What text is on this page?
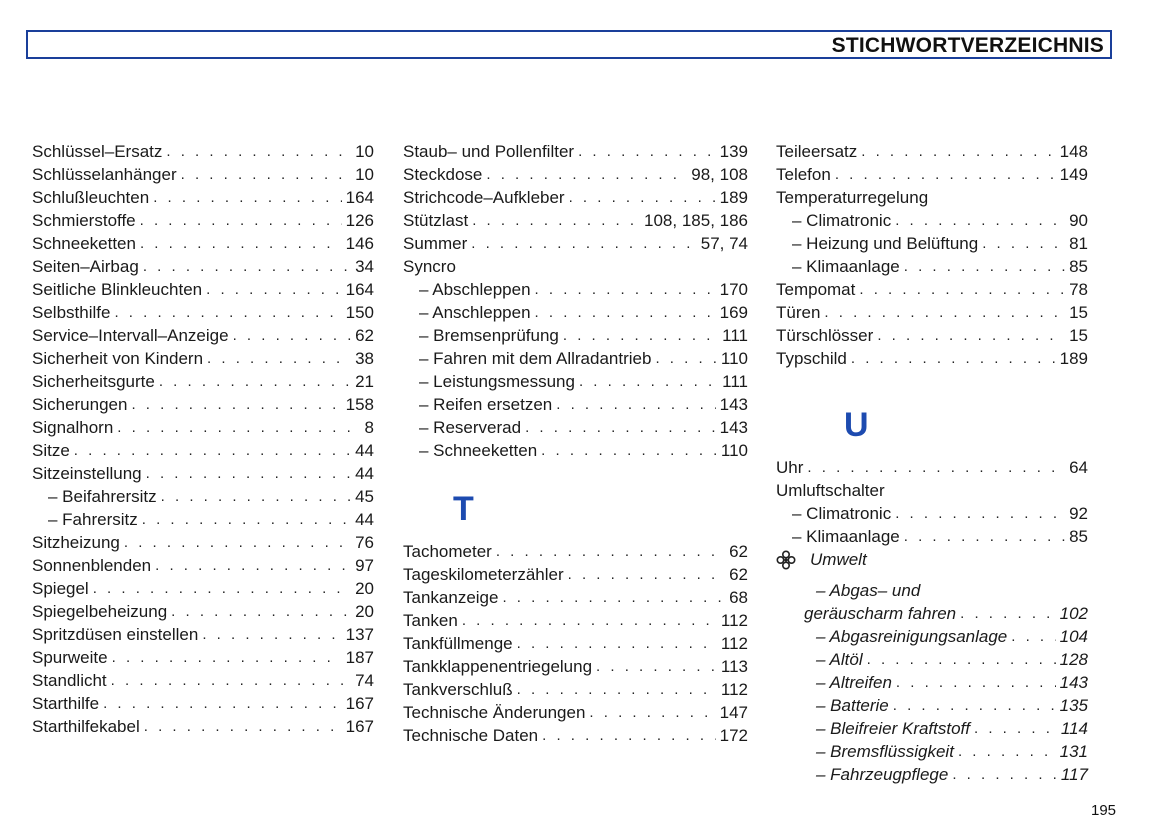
STICHWORTVERZEICHNIS
Schlüssel–Ersatz . . .	10
Schlüsselanhänger . . .	10
Schlußleuchten . . .	164
Schmierstoffe . . .	126
Schneeketten . . .	146
Seiten–Airbag . . .	34
Seitliche Blinkleuchten . . .	164
Selbsthilfe . . .	150
Service–Intervall–Anzeige . . .	62
Sicherheit von Kindern . . .	38
Sicherheitsgurte . . .	21
Sicherungen . . .	158
Signalhorn . . .	8
Sitze . . .	44
Sitzeinstellung . . .	44
– Beifahrersitz . . .	45
– Fahrersitz . . .	44
Sitzheizung . . .	76
Sonnenblenden . . .	97
Spiegel . . .	20
Spiegelbeheizung . . .	20
Spritzdüsen einstellen . . .	137
Spurweite . . .	187
Standlicht . . .	74
Starthilfe . . .	167
Starthilfekabel . . .	167
Staub– und Pollenfilter . . .	139
Steckdose . . .	98, 108
Strichcode–Aufkleber . . .	189
Stützlast . . .	108, 185, 186
Summer . . .	57, 74
Syncro
– Abschleppen . . .	170
– Anschleppen . . .	169
– Bremsenprüfung . . .	111
– Fahren mit dem Allradantrieb . . .	110
– Leistungsmessung . . .	111
– Reifen ersetzen . . .	143
– Reserverad . . .	143
– Schneeketten . . .	110
T
Tachometer . . .	62
Tageskilometerzähler . . .	62
Tankanzeige . . .	68
Tanken . . .	112
Tankfüllmenge . . .	112
Tankklappenentriegelung . . .	113
Tankverschluß . . .	112
Technische Änderungen . . .	147
Technische Daten . . .	172
Teileersatz . . .	148
Telefon . . .	149
Temperaturregelung
– Climatronic . . .	90
– Heizung und Belüftung . . .	81
– Klimaanlage . . .	85
Tempomat . . .	78
Türen . . .	15
Türschlösser . . .	15
Typschild . . .	189
U
Uhr . . .	64
Umluftschalter
– Climatronic . . .	92
– Klimaanlage . . .	85
Umwelt
– Abgas– und
geräuscharm fahren . . .	102
– Abgasreinigungsanlage . . .	104
– Altöl . . .	128
– Altreifen . . .	143
– Batterie . . .	135
– Bleifreier Kraftstoff . . .	114
– Bremsflüssigkeit . . .	131
– Fahrzeugpflege . . .	117
195
